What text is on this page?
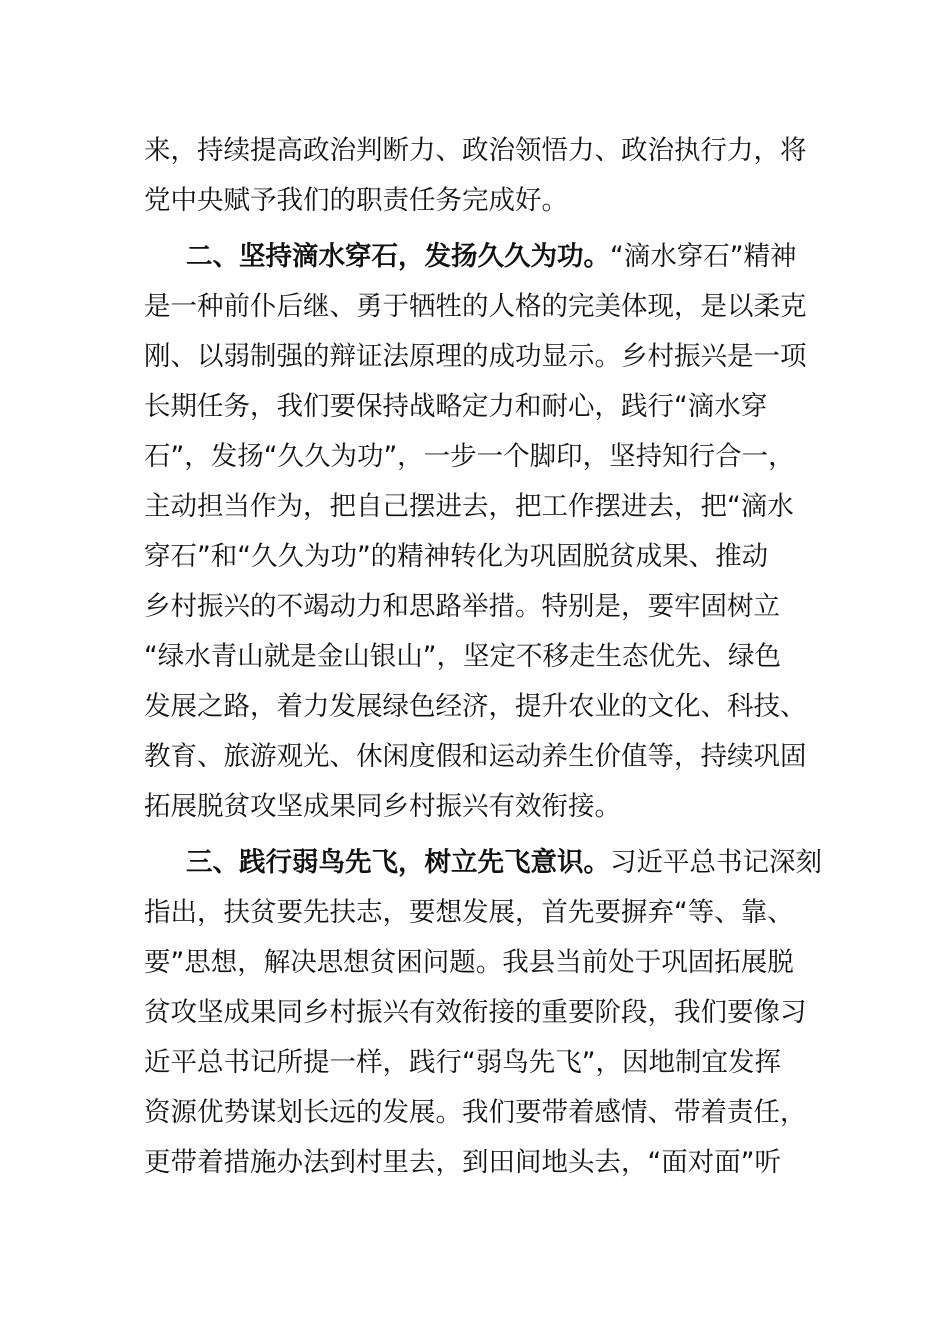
来，持续提高政治判断力、政治领悟力、政治执行力，将
党中央赋予我们的职责任务完成好。
二、坚持滴水穿石，发扬久久为功。“滴水穿石”精神
是一种前仆后继、勇于牺牲的人格的完美体现，是以柔克
刚、以弱制强的辩证法原理的成功显示。乡村振兴是一项
长期任务，我们要保持战略定力和耐心，践行“滴水穿
石”，发扬“久久为功”，一步一个脚印，坚持知行合一，
主动担当作为，把自己摆进去，把工作摆进去，把“滴水
穿石”和“久久为功”的精神转化为巩固脱贫成果、推动
乡村振兴的不竭动力和思路举措。特别是，要牢固树立
“绿水青山就是金山银山”，坚定不移走生态优先、绿色
发展之路，着力发展绿色经济，提升农业的文化、科技、
教育、旅游观光、休闲度假和运动养生价值等，持续巩固
拓展脱贫攻坚成果同乡村振兴有效衔接。
三、践行弱鸟先飞，树立先飞意识。习近平总书记深刻
指出，扶贫要先扶志，要想发展，首先要摒弃“等、靠、
要”思想，解决思想贫困问题。我县当前处于巩固拓展脱
贫攻坚成果同乡村振兴有效衔接的重要阶段，我们要像习
近平总书记所提一样，践行“弱鸟先飞”，因地制宜发挥
资源优势谋划长远的发展。我们要带着感情、带着责任，
更带着措施办法到村里去，到田间地头去，“面对面”听
